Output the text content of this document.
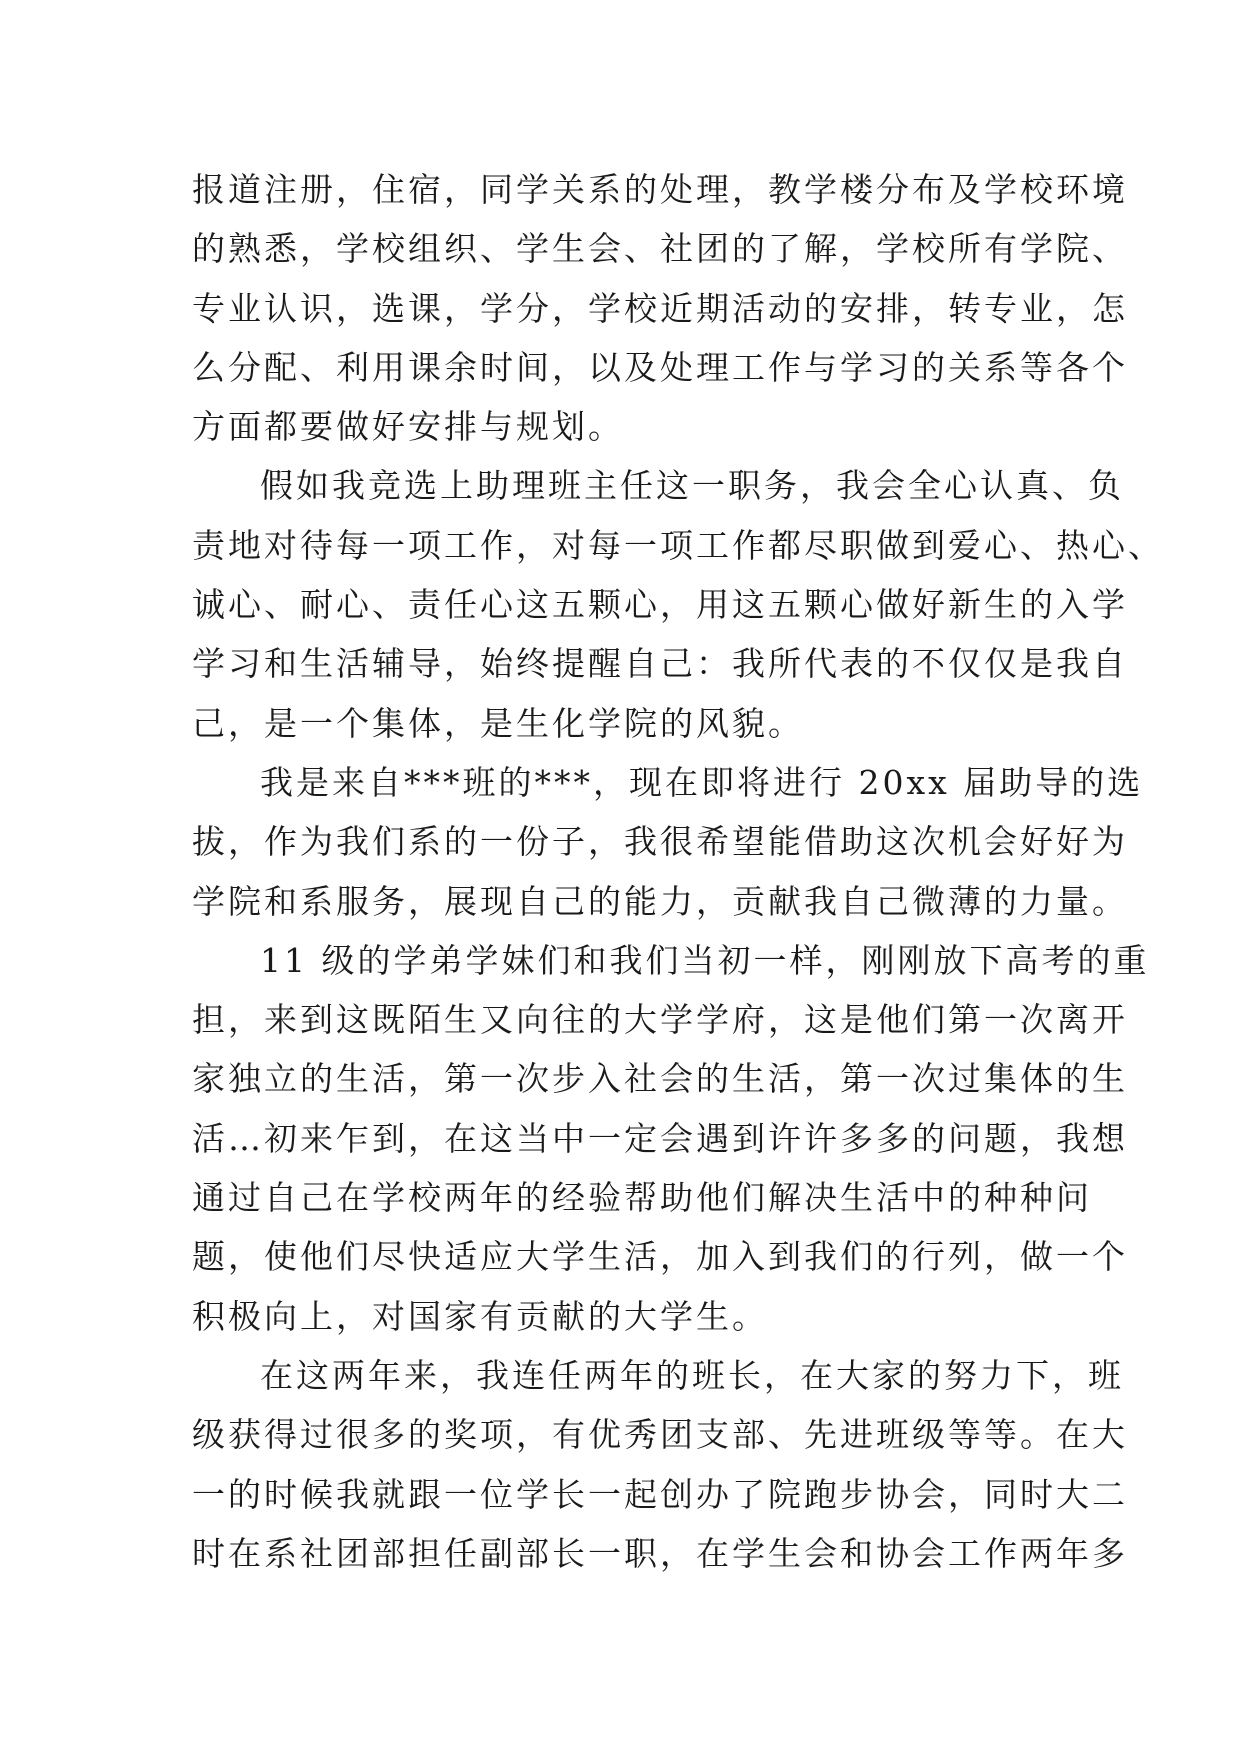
报道注册，住宿，同学关系的处理，教学楼分布及学校环境
的熟悉，学校组织、学生会、社团的了解，学校所有学院、
专业认识，选课，学分，学校近期活动的安排，转专业，怎
么分配、利用课余时间，以及处理工作与学习的关系等各个
方面都要做好安排与规划。
假如我竞选上助理班主任这一职务，我会全心认真、负
责地对待每一项工作，对每一项工作都尽职做到爱心、热心、
诚心、耐心、责任心这五颗心，用这五颗心做好新生的入学
学习和生活辅导，始终提醒自己：我所代表的不仅仅是我自
己，是一个集体，是生化学院的风貌。
我是来自***班的***，现在即将进行 20xx 届助导的选
拔，作为我们系的一份子，我很希望能借助这次机会好好为
学院和系服务，展现自己的能力，贡献我自己微薄的力量。
11 级的学弟学妹们和我们当初一样，刚刚放下高考的重
担，来到这既陌生又向往的大学学府，这是他们第一次离开
家独立的生活，第一次步入社会的生活，第一次过集体的生
活…初来乍到，在这当中一定会遇到许许多多的问题，我想
通过自己在学校两年的经验帮助他们解决生活中的种种问
题，使他们尽快适应大学生活，加入到我们的行列，做一个
积极向上，对国家有贡献的大学生。
在这两年来，我连任两年的班长，在大家的努力下，班
级获得过很多的奖项，有优秀团支部、先进班级等等。在大
一的时候我就跟一位学长一起创办了院跑步协会，同时大二
时在系社团部担任副部长一职，在学生会和协会工作两年多
